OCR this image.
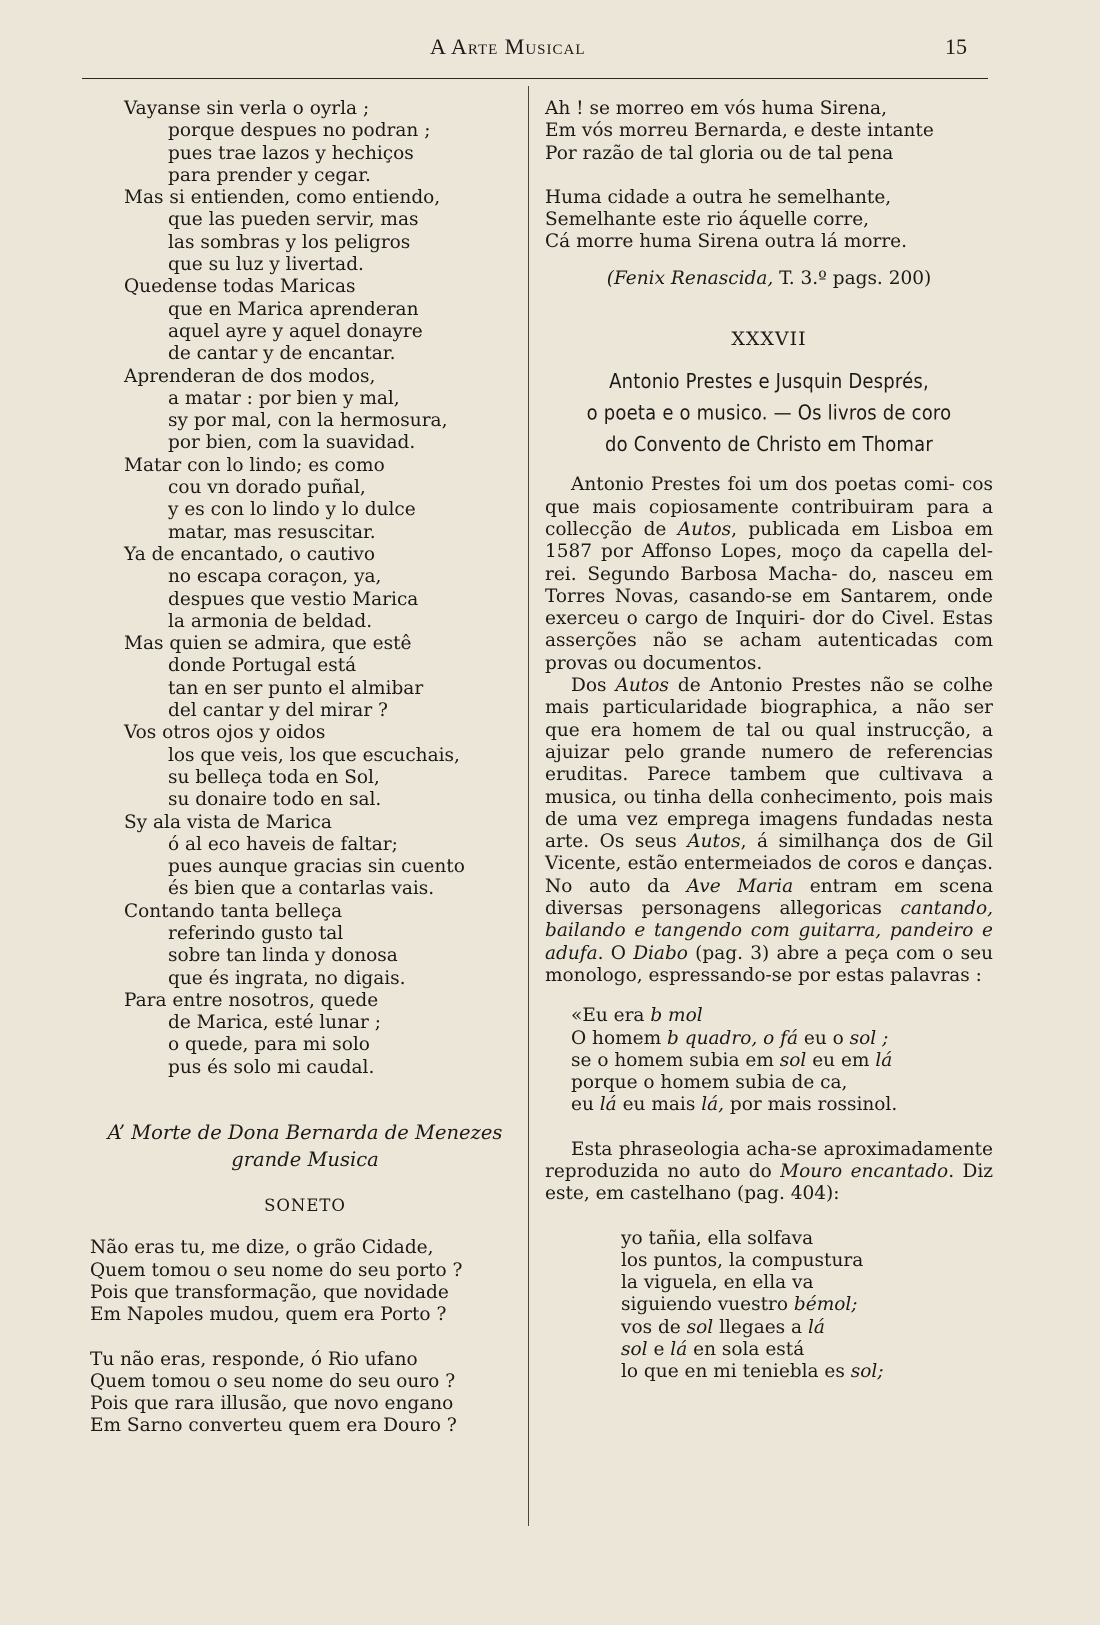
A Arte Musical	15
Vayanse sin verla o oyrla ;
porque despues no podran ;
pues trae lazos y hechiços
para prender y cegar.
Mas si entienden, como entiendo,
que las pueden servir, mas
las sombras y los peligros
que su luz y livertad.
Quedense todas Maricas
que en Marica aprenderan
aquel ayre y aquel donayre
de cantar y de encantar.
Aprenderan de dos modos,
a matar : por bien y mal,
sy por mal, con la hermosura,
por bien, com la suavidad.
Matar con lo lindo; es como
cou vn dorado puñal,
y es con lo lindo y lo dulce
matar, mas resuscitar.
Ya de encantado, o cautivo
no escapa coraçon, ya,
despues que vestio Marica
la armonia de beldad.
Mas quien se admira, que estê
donde Portugal está
tan en ser punto el almibar
del cantar y del mirar ?
Vos otros ojos y oidos
los que veis, los que escuchais,
su belleça toda en Sol,
su donaire todo en sal.
Sy ala vista de Marica
ó al eco haveis de faltar;
pues aunque gracias sin cuento
és bien que a contarlas vais.
Contando tanta belleça
referindo gusto tal
sobre tan linda y donosa
que és ingrata, no digais.
Para entre nosotros, quede
de Marica, esté lunar ;
o quede, para mi solo
pus és solo mi caudal.
A’ Morte de Dona Bernarda de Menezes
grande Musica
SONETO
Não eras tu, me dize, o grão Cidade,
Quem tomou o seu nome do seu porto ?
Pois que transformação, que novidade
Em Napoles mudou, quem era Porto ?
Tu não eras, responde, ó Rio ufano
Quem tomou o seu nome do seu ouro ?
Pois que rara illusão, que novo engano
Em Sarno converteu quem era Douro ?
Ah ! se morreo em vós huma Sirena,
Em vós morreu Bernarda, e deste intante
Por razão de tal gloria ou de tal pena
Huma cidade a outra he semelhante,
Semelhante este rio áquelle corre,
Cá morre huma Sirena outra lá morre.
(Fenix Renascida, T. 3.º pags. 200)
XXXVII
Antonio Prestes e Jusquin Després,
o poeta e o musico. — Os livros de coro
do Convento de Christo em Thomar

Antonio Prestes foi um dos poetas comi- cos que mais copiosamente contribuiram para a collecção de Autos, publicada em Lisboa em 1587 por Affonso Lopes, moço da capella del-rei. Segundo Barbosa Macha- do, nasceu em Torres Novas, casando-se em Santarem, onde exerceu o cargo de Inquiri- dor do Civel. Estas asserções não se acham autenticadas com provas ou documentos.

Dos Autos de Antonio Prestes não se colhe mais particularidade biographica, a não ser que era homem de tal ou qual instrucção, a ajuizar pelo grande numero de referencias eruditas. Parece tambem que cultivava a musica, ou tinha della conhecimento, pois mais de uma vez emprega imagens fundadas nesta arte. Os seus Autos, á similhança dos de Gil Vicente, estão entermeiados de coros e danças. No auto da Ave Maria entram em scena diversas personagens allegoricas cantando, bailando e tangendo com guitarra, pandeiro e adufa. O Diabo (pag. 3) abre a peça com o seu monologo, espressando-se por estas palavras :

«Eu era b mol
O homem b quadro, o fá eu o sol ;
se o homem subia em sol eu em lá
porque o homem subia de ca,
eu lá eu mais lá, por mais rossinol.

Esta phraseologia acha-se aproximadamente reproduzida no auto do Mouro encantado. Diz este, em castelhano (pag. 404):

yo tañia, ella solfava
los puntos, la compustura
la viguela, en ella va
siguiendo vuestro bémol;
vos de sol llegaes a lá
sol e lá en sola está
lo que en mi teniebla es sol;
